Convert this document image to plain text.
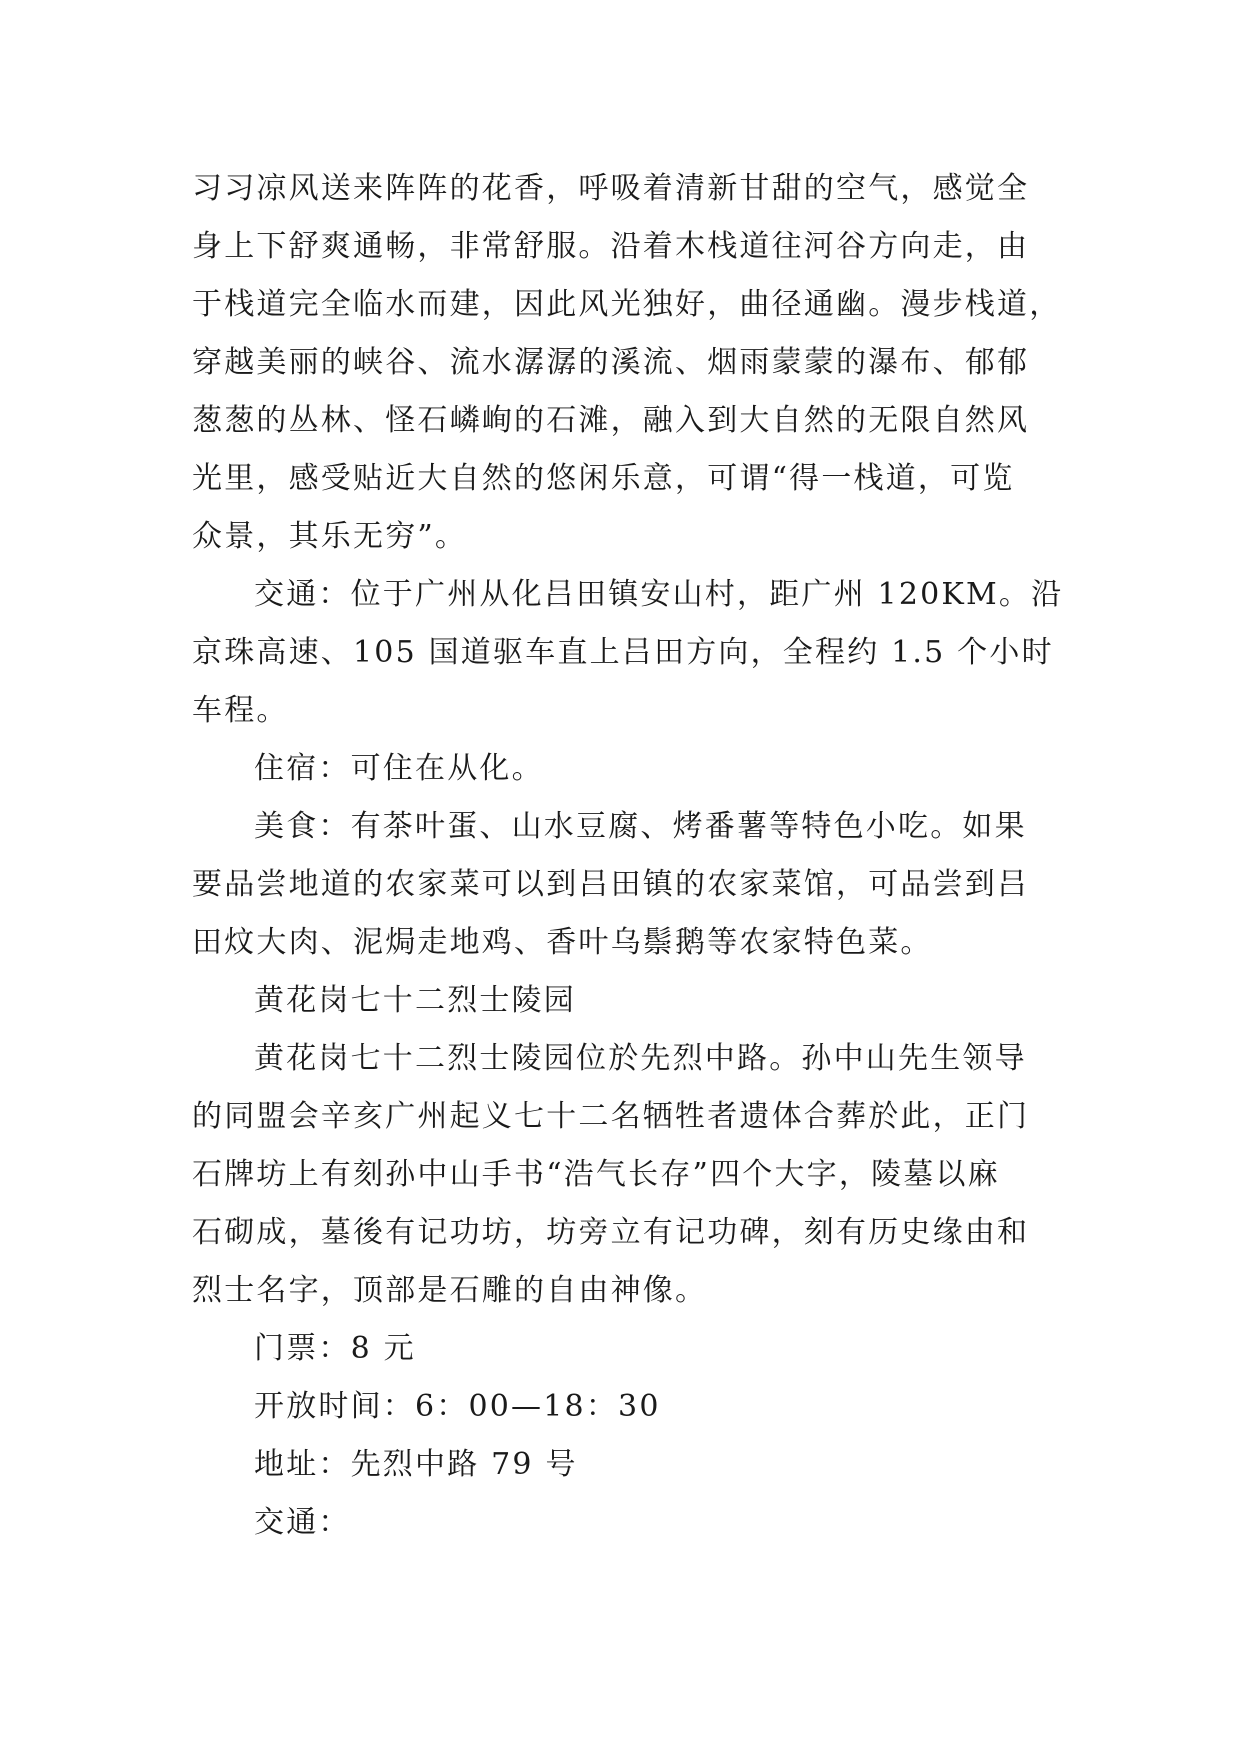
习习凉风送来阵阵的花香，呼吸着清新甘甜的空气，感觉全
身上下舒爽通畅，非常舒服。沿着木栈道往河谷方向走，由
于栈道完全临水而建，因此风光独好，曲径通幽。漫步栈道，
穿越美丽的峡谷、流水潺潺的溪流、烟雨蒙蒙的瀑布、郁郁
葱葱的丛林、怪石嶙峋的石滩，融入到大自然的无限自然风
光里，感受贴近大自然的悠闲乐意，可谓“得一栈道，可览
众景，其乐无穷”。
交通：位于广州从化吕田镇安山村，距广州 120KM。沿
京珠高速、105 国道驱车直上吕田方向，全程约 1.5 个小时
车程。
住宿：可住在从化。
美食：有茶叶蛋、山水豆腐、烤番薯等特色小吃。如果
要品尝地道的农家菜可以到吕田镇的农家菜馆，可品尝到吕
田炆大肉、泥焗走地鸡、香叶乌鬃鹅等农家特色菜。
黄花岗七十二烈士陵园
黄花岗七十二烈士陵园位於先烈中路。孙中山先生领导
的同盟会辛亥广州起义七十二名牺牲者遗体合葬於此，正门
石牌坊上有刻孙中山手书“浩气长存”四个大字，陵墓以麻
石砌成，墓後有记功坊，坊旁立有记功碑，刻有历史缘由和
烈士名字，顶部是石雕的自由神像。
门票：8 元
开放时间：6：00—18：30
地址：先烈中路 79 号
交通：
